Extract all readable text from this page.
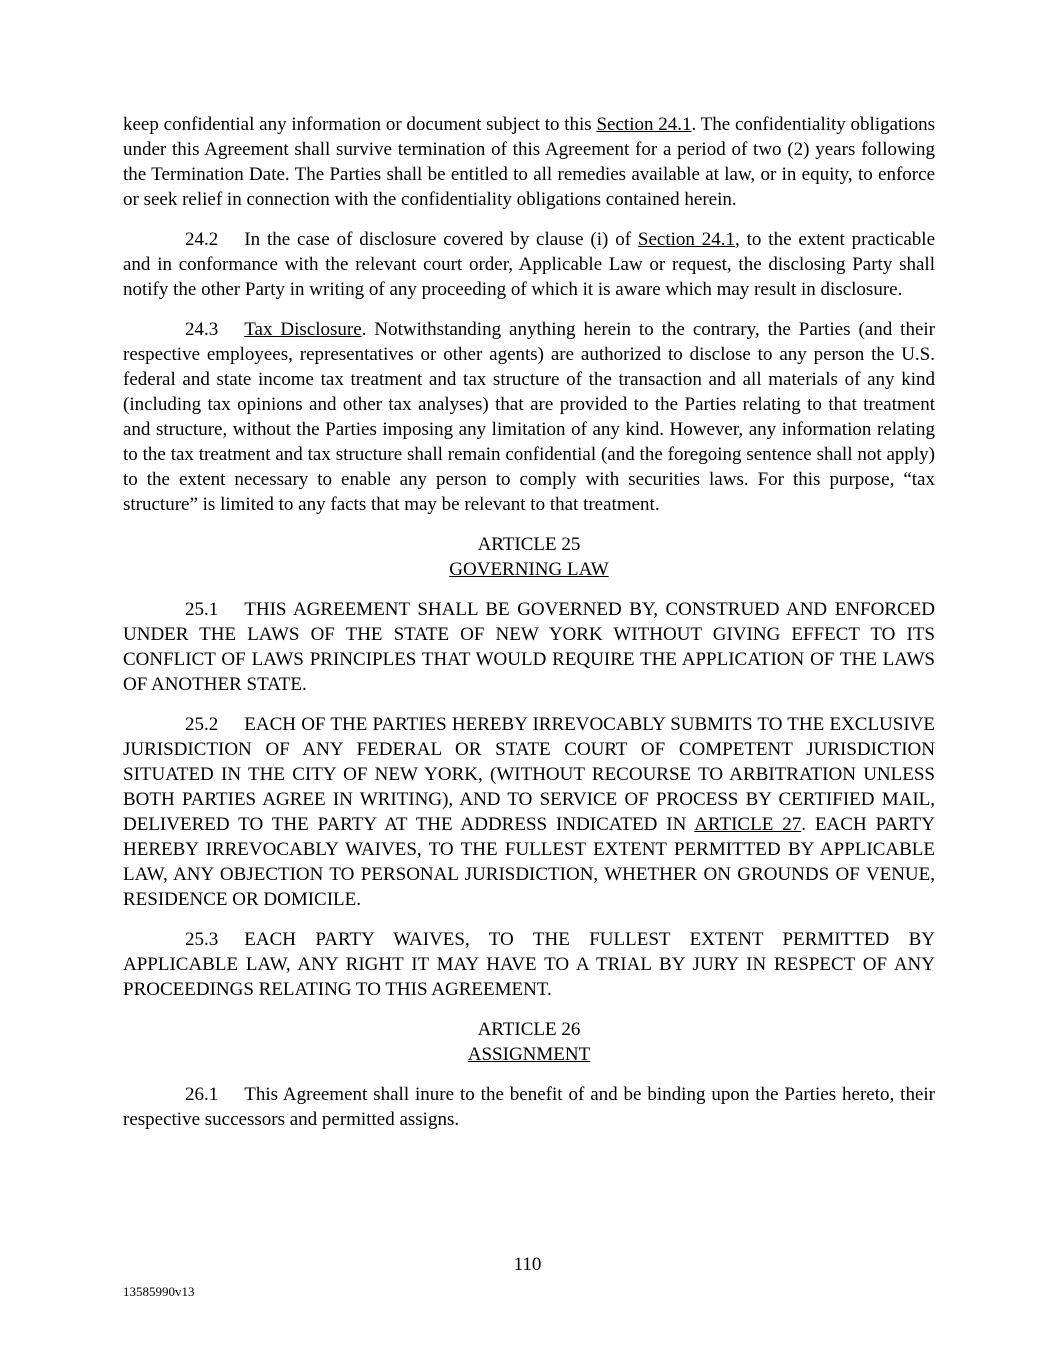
keep confidential any information or document subject to this Section 24.1. The confidentiality obligations under this Agreement shall survive termination of this Agreement for a period of two (2) years following the Termination Date. The Parties shall be entitled to all remedies available at law, or in equity, to enforce or seek relief in connection with the confidentiality obligations contained herein.

24.2 In the case of disclosure covered by clause (i) of Section 24.1, to the extent practicable and in conformance with the relevant court order, Applicable Law or request, the disclosing Party shall notify the other Party in writing of any proceeding of which it is aware which may result in disclosure.

24.3 Tax Disclosure. Notwithstanding anything herein to the contrary, the Parties (and their respective employees, representatives or other agents) are authorized to disclose to any person the U.S. federal and state income tax treatment and tax structure of the transaction and all materials of any kind (including tax opinions and other tax analyses) that are provided to the Parties relating to that treatment and structure, without the Parties imposing any limitation of any kind. However, any information relating to the tax treatment and tax structure shall remain confidential (and the foregoing sentence shall not apply) to the extent necessary to enable any person to comply with securities laws. For this purpose, “tax structure” is limited to any facts that may be relevant to that treatment.

ARTICLE 25

GOVERNING LAW

25.1 THIS AGREEMENT SHALL BE GOVERNED BY, CONSTRUED AND ENFORCED UNDER THE LAWS OF THE STATE OF NEW YORK WITHOUT GIVING EFFECT TO ITS CONFLICT OF LAWS PRINCIPLES THAT WOULD REQUIRE THE APPLICATION OF THE LAWS OF ANOTHER STATE.

25.2 EACH OF THE PARTIES HEREBY IRREVOCABLY SUBMITS TO THE EXCLUSIVE JURISDICTION OF ANY FEDERAL OR STATE COURT OF COMPETENT JURISDICTION SITUATED IN THE CITY OF NEW YORK, (WITHOUT RECOURSE TO ARBITRATION UNLESS BOTH PARTIES AGREE IN WRITING), AND TO SERVICE OF PROCESS BY CERTIFIED MAIL, DELIVERED TO THE PARTY AT THE ADDRESS INDICATED IN ARTICLE 27. EACH PARTY HEREBY IRREVOCABLY WAIVES, TO THE FULLEST EXTENT PERMITTED BY APPLICABLE LAW, ANY OBJECTION TO PERSONAL JURISDICTION, WHETHER ON GROUNDS OF VENUE, RESIDENCE OR DOMICILE.

25.3 EACH PARTY WAIVES, TO THE FULLEST EXTENT PERMITTED BY APPLICABLE LAW, ANY RIGHT IT MAY HAVE TO A TRIAL BY JURY IN RESPECT OF ANY PROCEEDINGS RELATING TO THIS AGREEMENT.

ARTICLE 26

ASSIGNMENT

26.1 This Agreement shall inure to the benefit of and be binding upon the Parties hereto, their respective successors and permitted assigns.

110
13585990v13
